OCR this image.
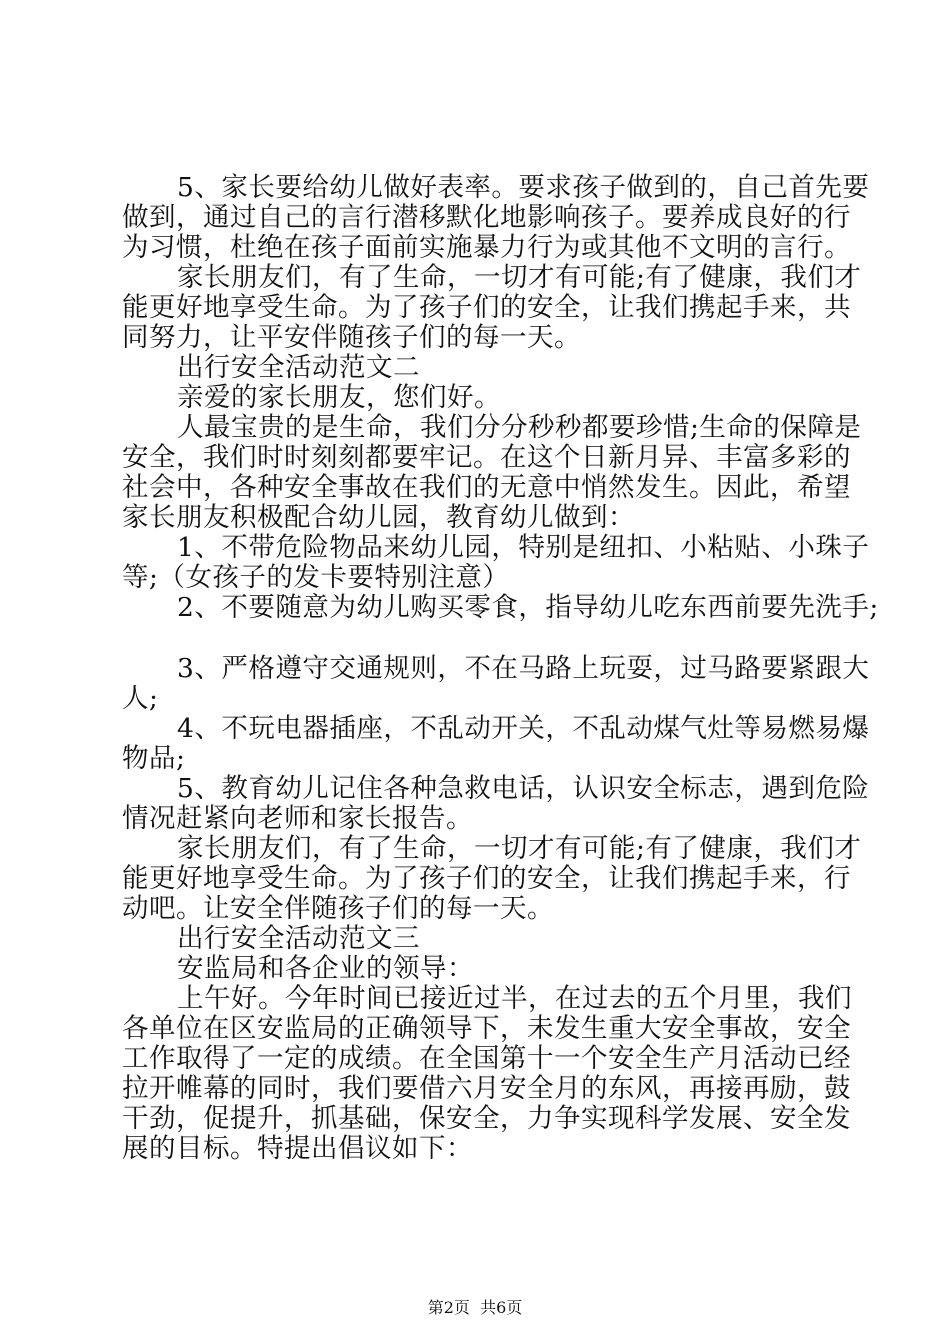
5、家长要给幼儿做好表率。要求孩子做到的，自己首先要
做到，通过自己的言行潜移默化地影响孩子。要养成良好的行
为习惯，杜绝在孩子面前实施暴力行为或其他不文明的言行。
家长朋友们，有了生命，一切才有可能;有了健康，我们才
能更好地享受生命。为了孩子们的安全，让我们携起手来，共
同努力，让平安伴随孩子们的每一天。
出行安全活动范文二
亲爱的家长朋友，您们好。
人最宝贵的是生命，我们分分秒秒都要珍惜;生命的保障是
安全，我们时时刻刻都要牢记。在这个日新月异、丰富多彩的
社会中，各种安全事故在我们的无意中悄然发生。因此，希望
家长朋友积极配合幼儿园，教育幼儿做到：
1、不带危险物品来幼儿园，特别是纽扣、小粘贴、小珠子
等;（女孩子的发卡要特别注意）
2、不要随意为幼儿购买零食，指导幼儿吃东西前要先洗手;
3、严格遵守交通规则，不在马路上玩耍，过马路要紧跟大
人;
4、不玩电器插座，不乱动开关，不乱动煤气灶等易燃易爆
物品;
5、教育幼儿记住各种急救电话，认识安全标志，遇到危险
情况赶紧向老师和家长报告。
家长朋友们，有了生命，一切才有可能;有了健康，我们才
能更好地享受生命。为了孩子们的安全，让我们携起手来，行
动吧。让安全伴随孩子们的每一天。
出行安全活动范文三
安监局和各企业的领导：
上午好。今年时间已接近过半，在过去的五个月里，我们
各单位在区安监局的正确领导下，未发生重大安全事故，安全
工作取得了一定的成绩。在全国第十一个安全生产月活动已经
拉开帷幕的同时，我们要借六月安全月的东风，再接再励，鼓
干劲，促提升，抓基础，保安全，力争实现科学发展、安全发
展的目标。特提出倡议如下：
第2页  共6页
